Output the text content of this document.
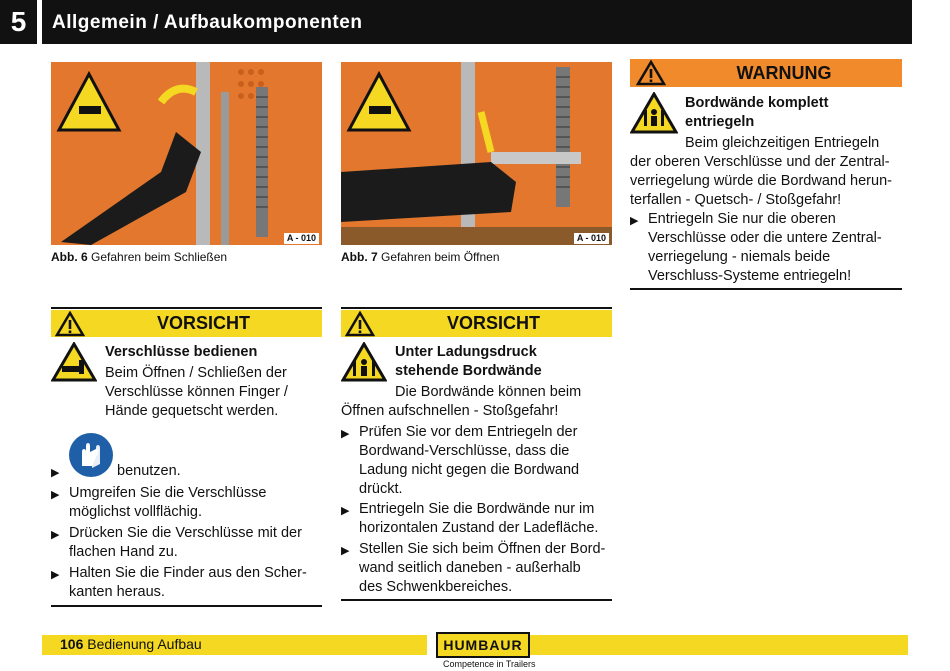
5	Allgemein / Aufbaukomponenten
A - 010
Abb. 6 Gefahren beim Schließen
A - 010
Abb. 7 Gefahren beim Öffnen
WARNUNG
Bordwände komplett
entriegeln
Beim gleichzeitigen Entriegeln
der oberen Verschlüsse und der Zentral-
verriegelung würde die Bordwand herun-
terfallen - Quetsch- / Stoßgefahr!
▶ Entriegeln Sie nur die oberen
Verschlüsse oder die untere Zentral-
verriegelung - niemals beide
Verschluss-Systeme entriegeln!
VORSICHT
Verschlüsse bedienen
Beim Öffnen / Schließen der
Verschlüsse können Finger /
Hände gequetscht werden.
▶	benutzen.
▶ Umgreifen Sie die Verschlüsse
möglichst vollflächig.
▶ Drücken Sie die Verschlüsse mit der
flachen Hand zu.
▶ Halten Sie die Finder aus den Scher-
kanten heraus.
VORSICHT
Unter Ladungsdruck
stehende Bordwände
Die Bordwände können beim
Öffnen aufschnellen - Stoßgefahr!
▶ Prüfen Sie vor dem Entriegeln der
Bordwand-Verschlüsse, dass die
Ladung nicht gegen die Bordwand
drückt.
▶ Entriegeln Sie die Bordwände nur im
horizontalen Zustand der Ladefläche.
▶ Stellen Sie sich beim Öffnen der Bord-
wand seitlich daneben - außerhalb
des Schwenkbereiches.
106 Bedienung Aufbau	HUMBAUR
Competence in Trailers
